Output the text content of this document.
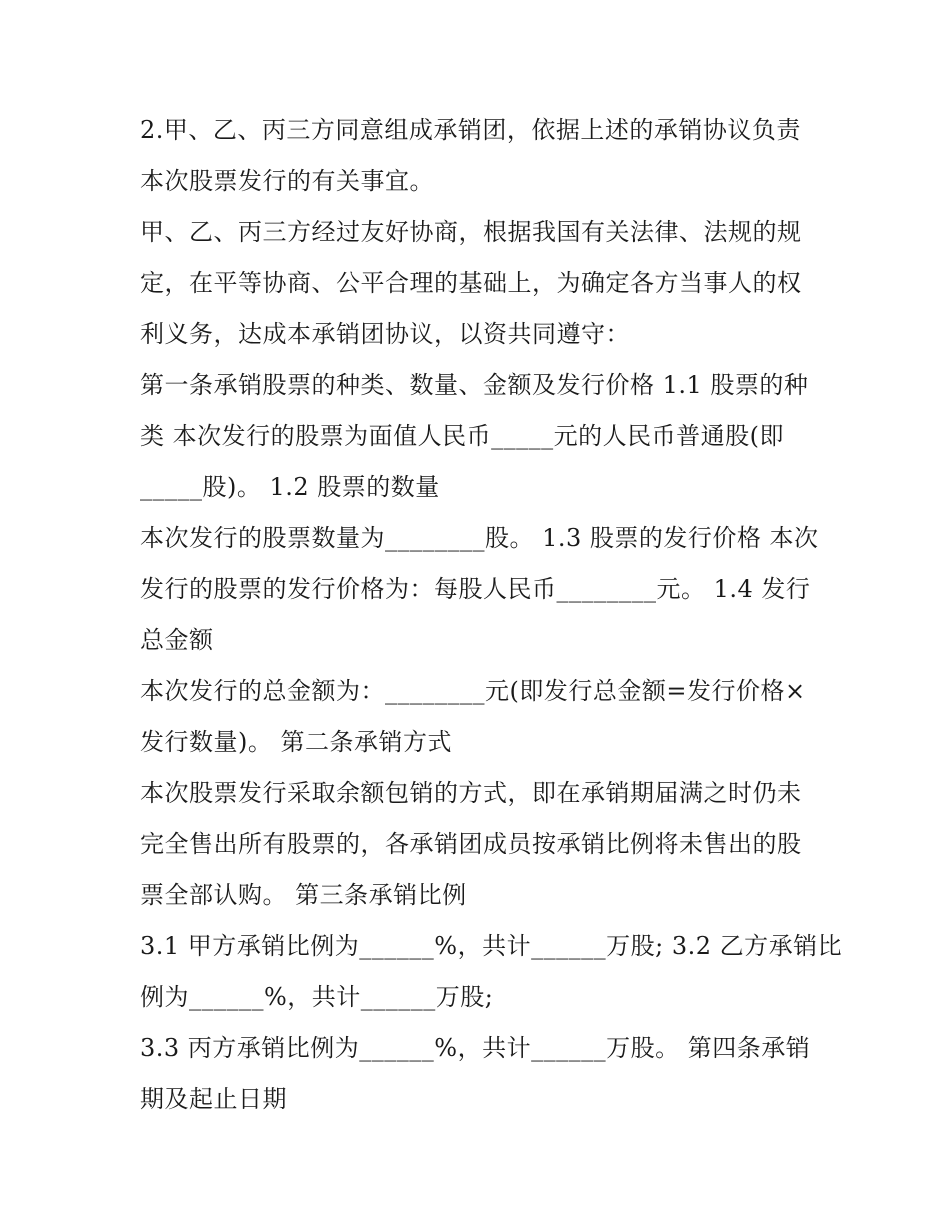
2.甲、乙、丙三方同意组成承销团，依据上述的承销协议负责
本次股票发行的有关事宜。
甲、乙、丙三方经过友好协商，根据我国有关法律、法规的规
定，在平等协商、公平合理的基础上，为确定各方当事人的权
利义务，达成本承销团协议，以资共同遵守：
第一条承销股票的种类、数量、金额及发行价格 1.1 股票的种
类 本次发行的股票为面值人民币_____元的人民币普通股(即
_____股)。 1.2 股票的数量
本次发行的股票数量为________股。 1.3 股票的发行价格 本次
发行的股票的发行价格为：每股人民币________元。 1.4 发行
总金额
本次发行的总金额为：________元(即发行总金额=发行价格×
发行数量)。 第二条承销方式
本次股票发行采取余额包销的方式，即在承销期届满之时仍未
完全售出所有股票的，各承销团成员按承销比例将未售出的股
票全部认购。 第三条承销比例
3.1 甲方承销比例为______%，共计______万股; 3.2 乙方承销比
例为______%，共计______万股;
3.3 丙方承销比例为______%，共计______万股。 第四条承销
期及起止日期
